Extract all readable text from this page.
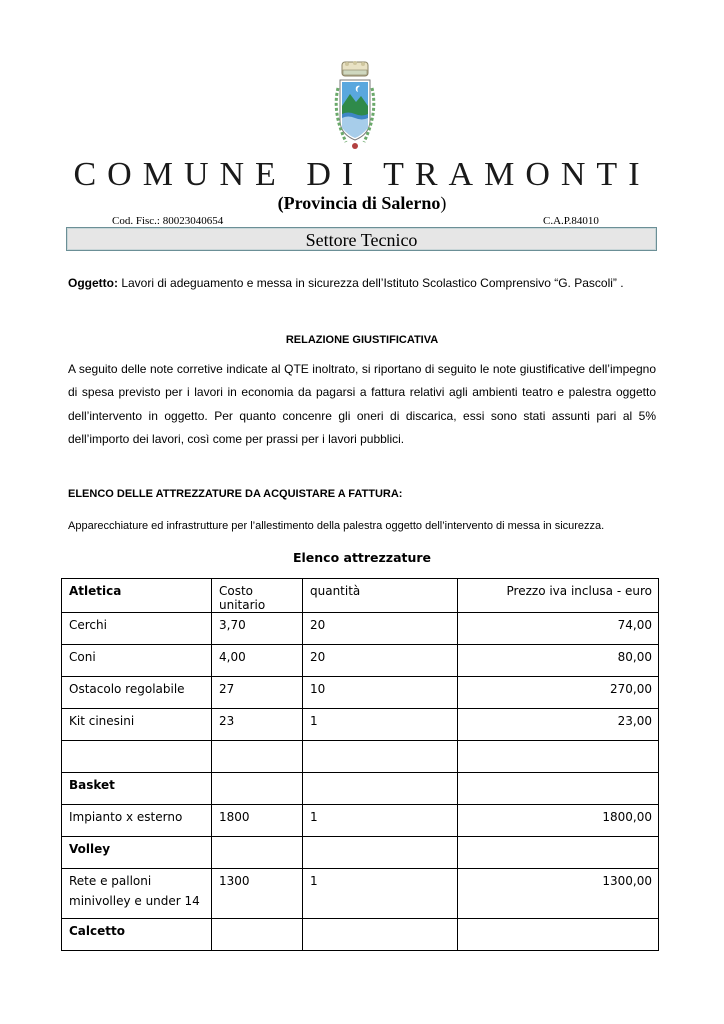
COMUNE DI TRAMONTI
(Provincia di Salerno)
Cod. Fisc.: 80023040654	C.A.P.84010
Settore Tecnico
Oggetto: Lavori di adeguamento e messa in sicurezza dell’Istituto Scolastico Comprensivo “G. Pascoli” .
RELAZIONE GIUSTIFICATIVA
A seguito delle note corretive indicate al QTE inoltrato, si riportano di seguito le note giustificative dell’impegno di spesa previsto per i lavori in economia da pagarsi a fattura relativi agli ambienti teatro e palestra oggetto dell’intervento in oggetto. Per quanto concenre gli oneri di discarica, essi sono stati assunti pari al 5% dell’importo dei lavori, così come per prassi per i lavori pubblici.
ELENCO DELLE ATTREZZATURE DA ACQUISTARE A FATTURA:
Apparecchiature ed infrastrutture per l’allestimento della palestra oggetto dell’intervento di messa in sicurezza.
Elenco attrezzature
Atletica	Costo unitario	quantità	Prezzo iva inclusa - euro
Cerchi	3,70	20	74,00
Coni	4,00	20	80,00
Ostacolo regolabile	27	10	270,00
Kit cinesini	23	1	23,00

Basket			
Impianto x esterno	1800	1	1800,00
Volley			
Rete e palloni minivolley e under 14	1300	1	1300,00
Calcetto			
